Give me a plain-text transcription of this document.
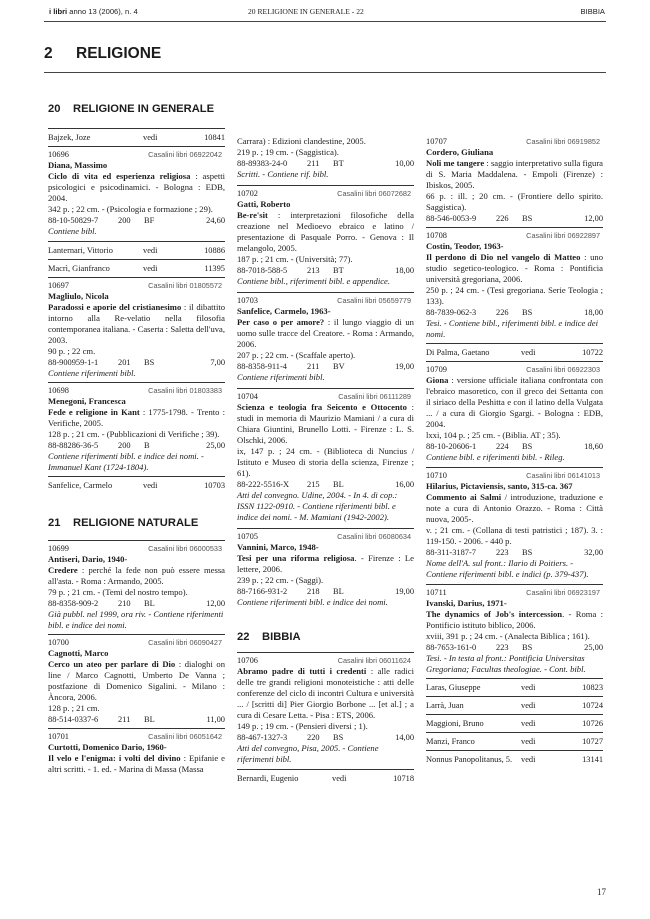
i libri anno 13 (2006), n. 4	20 RELIGIONE IN GENERALE - 22	BIBBIA
2 RELIGIONE
20 RELIGIONE IN GENERALE
Bajzek, Joze	vedi	10841
10696	Casalini libri 06922042
Diana, Massimo
Ciclo di vita ed esperienza religiosa : aspetti psicologici e psicodinamici. - Bologna : EDB, 2004.
342 p. ; 22 cm. - (Psicologia e formazione ; 29).
88-10-50829-7	200	BF	24,60
Contiene bibl.
Lanternari, Vittorio	vedi	10886
Macrì, Gianfranco	vedi	11395
10697	Casalini libri 01805572
Magliulo, Nicola
Paradossi e aporie del cristianesimo : il dibattito intorno alla Re-velatio nella filosofia contemporanea italiana. - Caserta : Saletta dell'uva, 2003.
90 p. ; 22 cm.
88-900959-1-1	201	BS	7,00
Contiene riferimenti bibl.
10698	Casalini libri 01803383
Menegoni, Francesca
Fede e religione in Kant : 1775-1798. - Trento : Verifiche, 2005.
128 p. ; 21 cm. - (Pubblicazioni di Verifiche ; 39).
88-88286-36-5	200	B	25,00
Contiene riferimenti bibl. e indice dei nomi. - Immanuel Kant (1724-1804).
Sanfelice, Carmelo	vedi	10703
21 RELIGIONE NATURALE
10699	Casalini libri 06000533
Antiseri, Dario, 1940-
Credere : perché la fede non può essere messa all'asta. - Roma : Armando, 2005.
79 p. ; 21 cm. - (Temi del nostro tempo).
88-8358-909-2	210	BL	12,00
Già pubbl. nel 1999, ora riv. - Contiene riferimenti bibl. e indice dei nomi.
10700	Casalini libri 06090427
Cagnotti, Marco
Cerco un ateo per parlare di Dio : dialoghi on line / Marco Cagnotti, Umberto De Vanna ; postfazione di Domenico Sigalini. - Milano : Àncora, 2006.
128 p. ; 21 cm.
88-514-0337-6	211	BL	11,00
10701	Casalini libri 06051642
Curtotti, Domenico Dario, 1960-
Il velo e l'enigma: i volti del divino : Epifanie e altri scritti. - 1. ed. - Marina di Massa (Massa
Carrara) : Edizioni clandestine, 2005.
219 p. ; 19 cm. - (Saggistica).
88-89383-24-0	211	BT	10,00
Scritti. - Contiene rif. bibl.
10702	Casalini libri 06072682
Gatti, Roberto
Be-re'sit : interpretazioni filosofiche della creazione nel Medioevo ebraico e latino / presentazione di Pasquale Porro. - Genova : Il melangolo, 2005.
187 p. ; 21 cm. - (Università; 77).
88-7018-588-5	213	BT	18,00
Contiene bibl., riferimenti bibl. e appendice.
10703	Casalini libri 05659779
Sanfelice, Carmelo, 1963-
Per caso o per amore? : il lungo viaggio di un uomo sulle tracce del Creatore. - Roma : Armando, 2006.
207 p. ; 22 cm. - (Scaffale aperto).
88-8358-911-4	211	BV	19,00
Contiene riferimenti bibl.
10704	Casalini libri 06111289
Scienza e teologia fra Seicento e Ottocento : studi in memoria di Maurizio Mamiani / a cura di Chiara Giuntini, Brunello Lotti. - Firenze : L. S. Olschki, 2006.
ix, 147 p. ; 24 cm. - (Biblioteca di Nuncius / Istituto e Museo di storia della scienza, Firenze ; 61).
88-222-5516-X	215	BL	16,00
Atti del convegno. Udine, 2004. - In 4. di cop.: ISSN 1122-0910. - Contiene riferimenti bibl. e indice dei nomi. - M. Mamiani (1942-2002).
10705	Casalini libri 06080634
Vannini, Marco, 1948-
Tesi per una riforma religiosa. - Firenze : Le lettere, 2006.
239 p. ; 22 cm. - (Saggi).
88-7166-931-2	218	BL	19,00
Contiene riferimenti bibl. e indice dei nomi.
22 BIBBIA
10706	Casalini libri 06011624
Abramo padre di tutti i credenti : alle radici delle tre grandi religioni monoteistiche : atti delle conferenze del ciclo di incontri Cultura e università ... / [scritti di] Pier Giorgio Borbone ... [et al.] ; a cura di Cesare Letta. - Pisa : ETS, 2006.
149 p. ; 19 cm. - (Pensieri diversi ; 1).
88-467-1327-3	220	BS	14,00
Atti del convegno, Pisa, 2005. - Contiene riferimenti bibl.
Bernardi, Eugenio	vedi	10718
10707	Casalini libri 06919852
Cordero, Giuliana
Noli me tangere : saggio interpretativo sulla figura di S. Maria Maddalena. - Empoli (Firenze) : Ibiskos, 2005.
66 p. : ill. ; 20 cm. - (Frontiere dello spirito. Saggistica).
88-546-0053-9	226	BS	12,00
10708	Casalini libri 06922897
Costin, Teodor, 1963-
Il perdono di Dio nel vangelo di Matteo : uno studio segetico-teologico. - Roma : Pontificia università gregoriana, 2006.
250 p. ; 24 cm. - (Tesi gregoriana. Serie Teologia ; 133).
88-7839-062-3	226	BS	18,00
Tesi. - Contiene bibl., riferimenti bibl. e indice dei nomi.
Di Palma, Gaetano	vedi	10722
10709	Casalini libri 06922303
Giona : versione ufficiale italiana confrontata con l'ebraico masoretico, con il greco dei Settanta con il siriaco della Peshitta e con il latino della Vulgata ... / a cura di Giorgio Sgargi. - Bologna : EDB, 2004.
lxxi, 104 p. ; 25 cm. - (Biblia. AT ; 35).
88-10-20606-1	224	BS	18,60
Contiene bibl. e riferimenti bibl. - Rileg.
10710	Casalini libri 06141013
Hilarius, Pictaviensis, santo, 315-ca. 367
Commento ai Salmi / introduzione, traduzione e note a cura di Antonio Orazzo. - Roma : Città nuova, 2005-.
v. ; 21 cm. - (Collana di testi patristici ; 187). 3. : 119-150. - 2006. - 440 p.
88-311-3187-7	223	BS	32,00
Nome dell'A. sul front.: Ilario di Poitiers. - Contiene riferimenti bibl. e indici (p. 379-437).
10711	Casalini libri 06923197
Ivanski, Darius, 1971-
The dynamics of Job's intercession. - Roma : Pontificio istituto biblico, 2006.
xviii, 391 p. ; 24 cm. - (Analecta Biblica ; 161).
88-7653-161-0	223	BS	25,00
Tesi. - In testa al front.: Pontificia Universitas Gregoriana; Facultas theologiae. - Cont. bibl.
Laras, Giuseppe	vedi	10823
Larrà, Juan	vedi	10724
Maggioni, Bruno	vedi	10726
Manzi, Franco	vedi	10727
Nonnus Panopolitanus, 5.	vedi	13141
17
